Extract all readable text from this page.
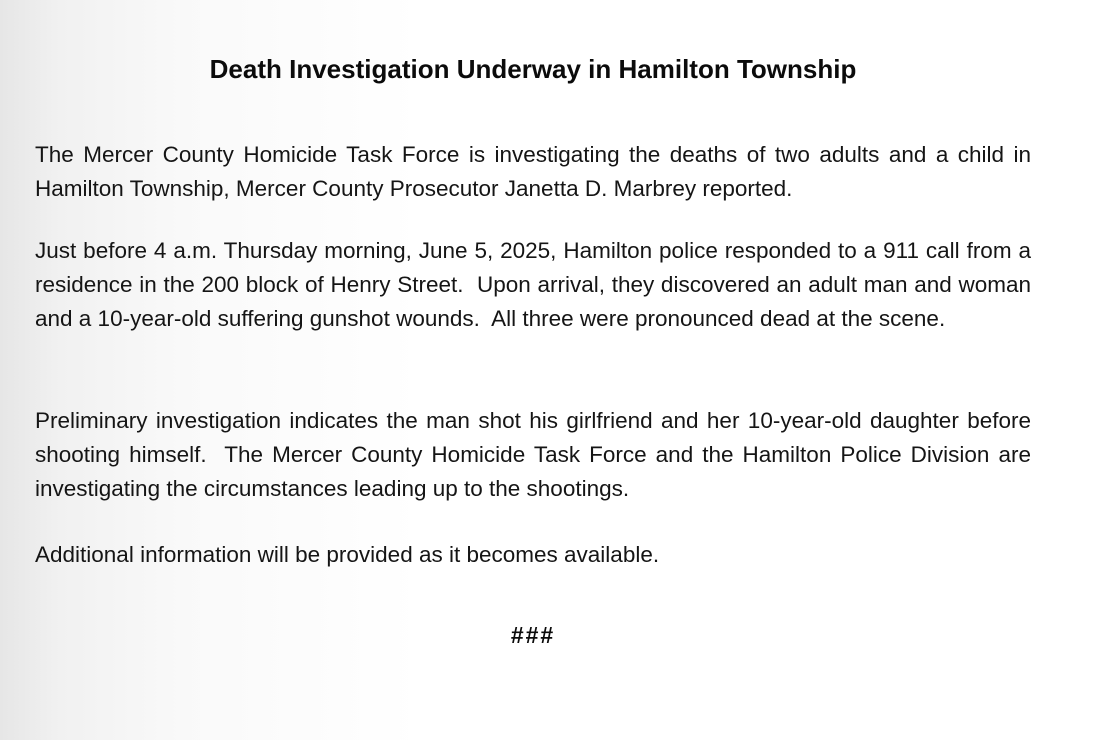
Death Investigation Underway in Hamilton Township

The Mercer County Homicide Task Force is investigating the deaths of two adults and a child in Hamilton Township, Mercer County Prosecutor Janetta D. Marbrey reported.

Just before 4 a.m. Thursday morning, June 5, 2025, Hamilton police responded to a 911 call from a residence in the 200 block of Henry Street.  Upon arrival, they discovered an adult man and woman and a 10-year-old suffering gunshot wounds.  All three were pronounced dead at the scene.

Preliminary investigation indicates the man shot his girlfriend and her 10-year-old daughter before shooting himself.  The Mercer County Homicide Task Force and the Hamilton Police Division are investigating the circumstances leading up to the shootings.

Additional information will be provided as it becomes available.

###
